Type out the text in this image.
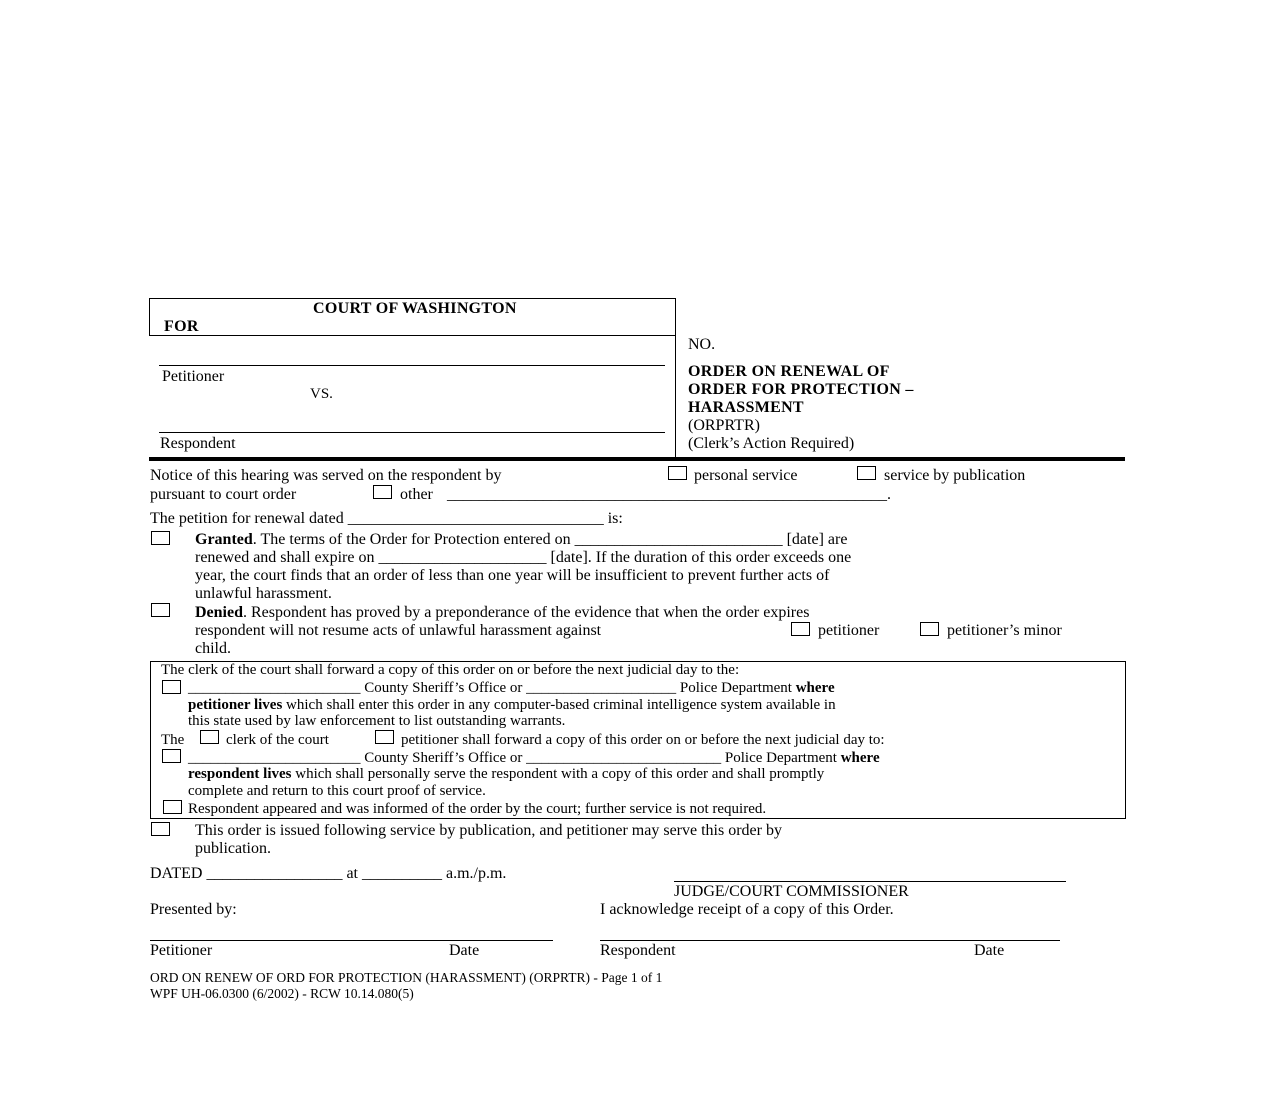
COURT OF WASHINGTON
FOR
Petitioner
VS.
Respondent
NO.
ORDER ON RENEWAL OF
ORDER FOR PROTECTION –
HARASSMENT
(ORPRTR)
(Clerk’s Action Required)
Notice of this hearing was served on the respondent by	personal service	service by publication
pursuant to court order	other _______________________________________________________.
The petition for renewal dated ________________________________ is:
Granted. The terms of the Order for Protection entered on __________________________ [date] are
renewed and shall expire on _____________________ [date]. If the duration of this order exceeds one
year, the court finds that an order of less than one year will be insufficient to prevent further acts of
unlawful harassment.
Denied. Respondent has proved by a preponderance of the evidence that when the order expires
respondent will not resume acts of unlawful harassment against	petitioner	petitioner’s minor
child.
The clerk of the court shall forward a copy of this order on or before the next judicial day to the:
_______________________ County Sheriff’s Office or ____________________ Police Department where
petitioner lives which shall enter this order in any computer-based criminal intelligence system available in
this state used by law enforcement to list outstanding warrants.
The	clerk of the court	petitioner shall forward a copy of this order on or before the next judicial day to:
_______________________ County Sheriff’s Office or __________________________ Police Department where
respondent lives which shall personally serve the respondent with a copy of this order and shall promptly
complete and return to this court proof of service.
Respondent appeared and was informed of the order by the court; further service is not required.
This order is issued following service by publication, and petitioner may serve this order by
publication.
DATED _________________ at __________ a.m./p.m.
JUDGE/COURT COMMISSIONER
Presented by:	I acknowledge receipt of a copy of this Order.
Petitioner	Date	Respondent	Date
ORD ON RENEW OF ORD FOR PROTECTION (HARASSMENT) (ORPRTR) - Page 1 of 1
WPF UH-06.0300 (6/2002) - RCW 10.14.080(5)
